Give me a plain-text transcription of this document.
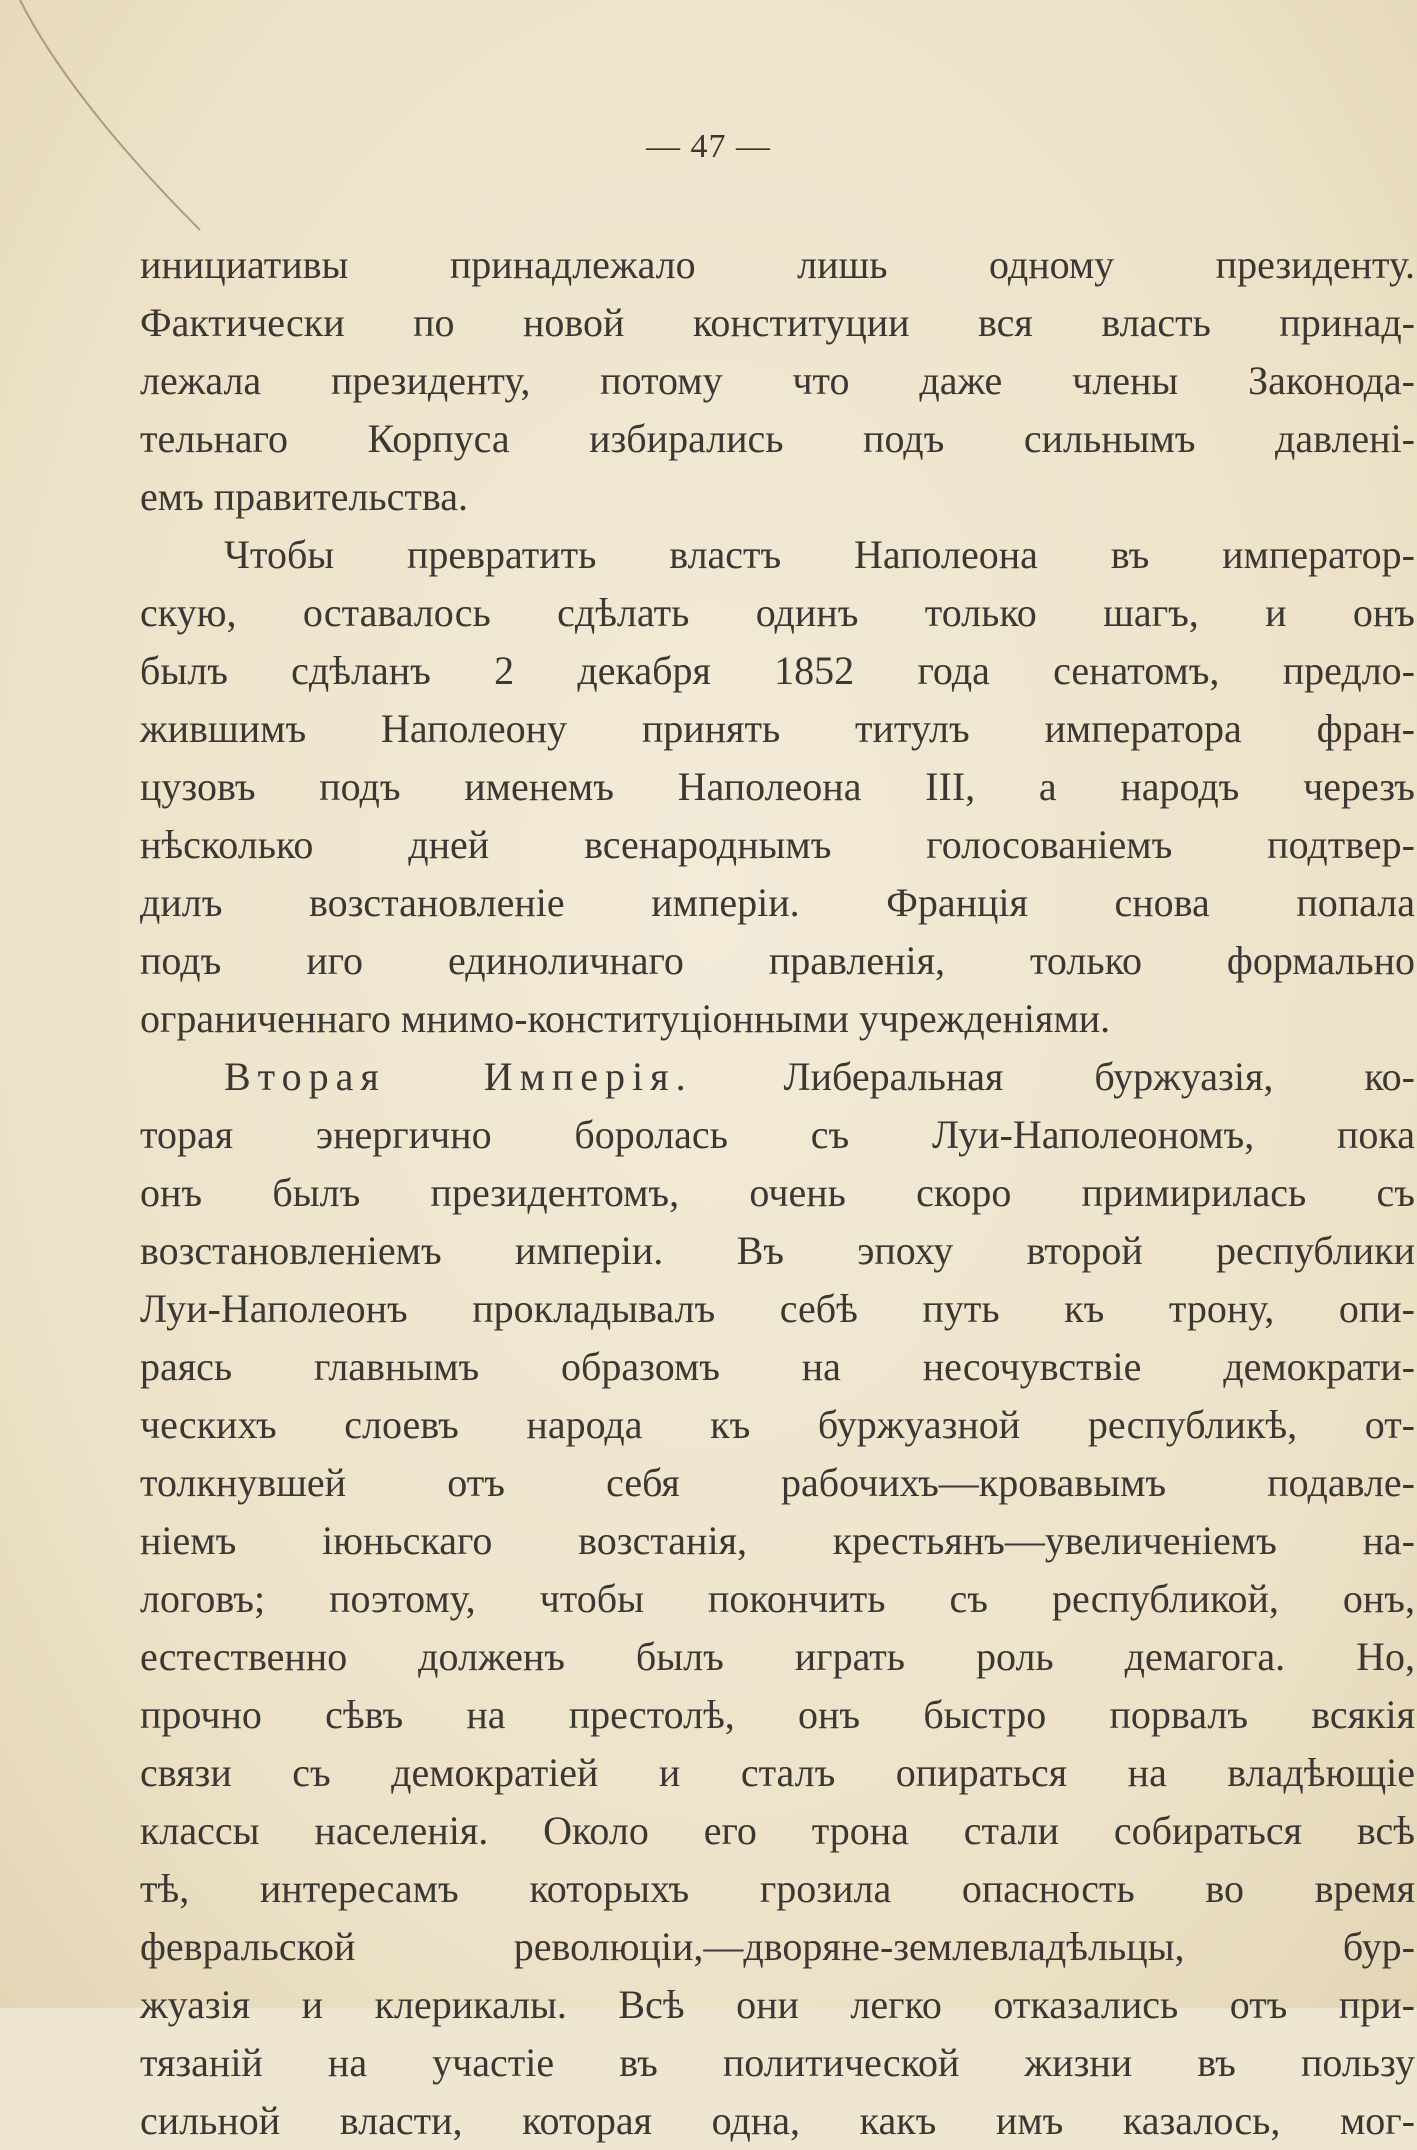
— 47 —
инициативы принадлежало лишь одному президенту.
Фактически по новой конституции вся власть принад-
лежала президенту, потому что даже члены Законода-
тельнаго Корпуса избирались подъ сильнымъ давлені-
емъ правительства.
Чтобы превратить властъ Наполеона въ император-
скую, оставалось сдѣлать одинъ только шагъ, и онъ
былъ сдѣланъ 2 декабря 1852 года сенатомъ, предло-
жившимъ Наполеону принять титулъ императора фран-
цузовъ подъ именемъ Наполеона III, а народъ черезъ
нѣсколько дней всенароднымъ голосованіемъ подтвер-
дилъ возстановленіе имперіи. Франція снова попала
подъ иго единоличнаго правленія, только формально
ограниченнаго мнимо-конституціонными учрежденіями.
Вторая Имперія. Либеральная буржуазія, ко-
торая энергично боролась съ Луи-Наполеономъ, пока
онъ былъ президентомъ, очень скоро примирилась съ
возстановленіемъ имперіи. Въ эпоху второй республики
Луи-Наполеонъ прокладывалъ себѣ путь къ трону, опи-
раясь главнымъ образомъ на несочувствіе демократи-
ческихъ слоевъ народа къ буржуазной республикѣ, от-
толкнувшей отъ себя рабочихъ—кровавымъ подавле-
ніемъ іюньскаго возстанія, крестьянъ—увеличеніемъ на-
логовъ; поэтому, чтобы покончить съ республикой, онъ,
естественно долженъ былъ играть роль демагога. Но,
прочно сѣвъ на престолѣ, онъ быстро порвалъ всякія
связи съ демократіей и сталъ опираться на владѣющіе
классы населенія. Около его трона стали собираться всѣ
тѣ, интересамъ которыхъ грозила опасность во время
февральской революціи,—дворяне-землевладѣльцы, бур-
жуазія и клерикалы. Всѣ они легко отказались отъ при-
тязаній на участіе въ политической жизни въ пользу
сильной власти, которая одна, какъ имъ казалось, мог-
